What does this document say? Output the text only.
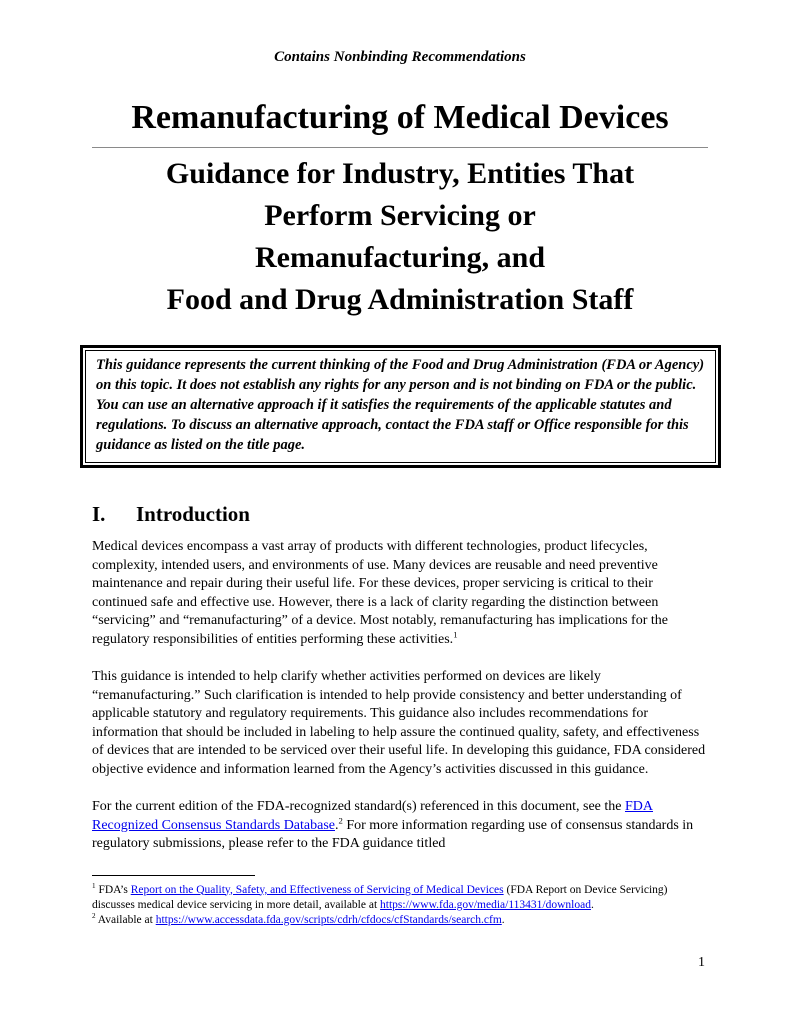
Contains Nonbinding Recommendations
Remanufacturing of Medical Devices
Guidance for Industry, Entities That
Perform Servicing or
Remanufacturing, and
Food and Drug Administration Staff
This guidance represents the current thinking of the Food and Drug Administration (FDA or Agency) on this topic. It does not establish any rights for any person and is not binding on FDA or the public. You can use an alternative approach if it satisfies the requirements of the applicable statutes and regulations. To discuss an alternative approach, contact the FDA staff or Office responsible for this guidance as listed on the title page.
I. Introduction

Medical devices encompass a vast array of products with different technologies, product lifecycles, complexity, intended users, and environments of use. Many devices are reusable and need preventive maintenance and repair during their useful life. For these devices, proper servicing is critical to their continued safe and effective use. However, there is a lack of clarity regarding the distinction between “servicing” and “remanufacturing” of a device. Most notably, remanufacturing has implications for the regulatory responsibilities of entities performing these activities.$^1$

This guidance is intended to help clarify whether activities performed on devices are likely “remanufacturing.” Such clarification is intended to help provide consistency and better understanding of applicable statutory and regulatory requirements. This guidance also includes recommendations for information that should be included in labeling to help assure the continued quality, safety, and effectiveness of devices that are intended to be serviced over their useful life. In developing this guidance, FDA considered objective evidence and information learned from the Agency’s activities discussed in this guidance.

For the current edition of the FDA-recognized standard(s) referenced in this document, see the FDA Recognized Consensus Standards Database.$^2$ For more information regarding use of consensus standards in regulatory submissions, please refer to the FDA guidance titled

$^1$ FDA’s Report on the Quality, Safety, and Effectiveness of Servicing of Medical Devices (FDA Report on Device Servicing) discusses medical device servicing in more detail, available at https://www.fda.gov/media/113431/download.

$^2$ Available at https://www.accessdata.fda.gov/scripts/cdrh/cfdocs/cfStandards/search.cfm.

1
